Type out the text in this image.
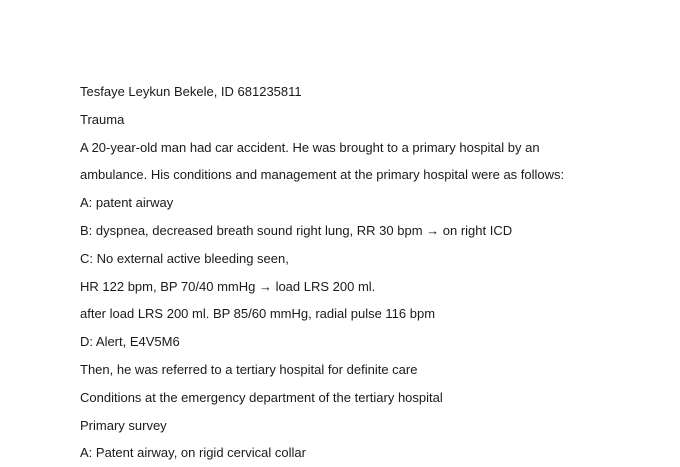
Tesfaye Leykun Bekele, ID 681235811

Trauma

A 20-year-old man had car accident. He was brought to a primary hospital by an

ambulance. His conditions and management at the primary hospital were as follows:

A: patent airway

B: dyspnea, decreased breath sound right lung, RR 30 bpm → on right ICD

C: No external active bleeding seen,

HR 122 bpm, BP 70/40 mmHg → load LRS 200 ml.

after load LRS 200 ml. BP 85/60 mmHg, radial pulse 116 bpm

D: Alert, E4V5M6

Then, he was referred to a tertiary hospital for definite care

Conditions at the emergency department of the tertiary hospital

Primary survey

A: Patent airway, on rigid cervical collar
